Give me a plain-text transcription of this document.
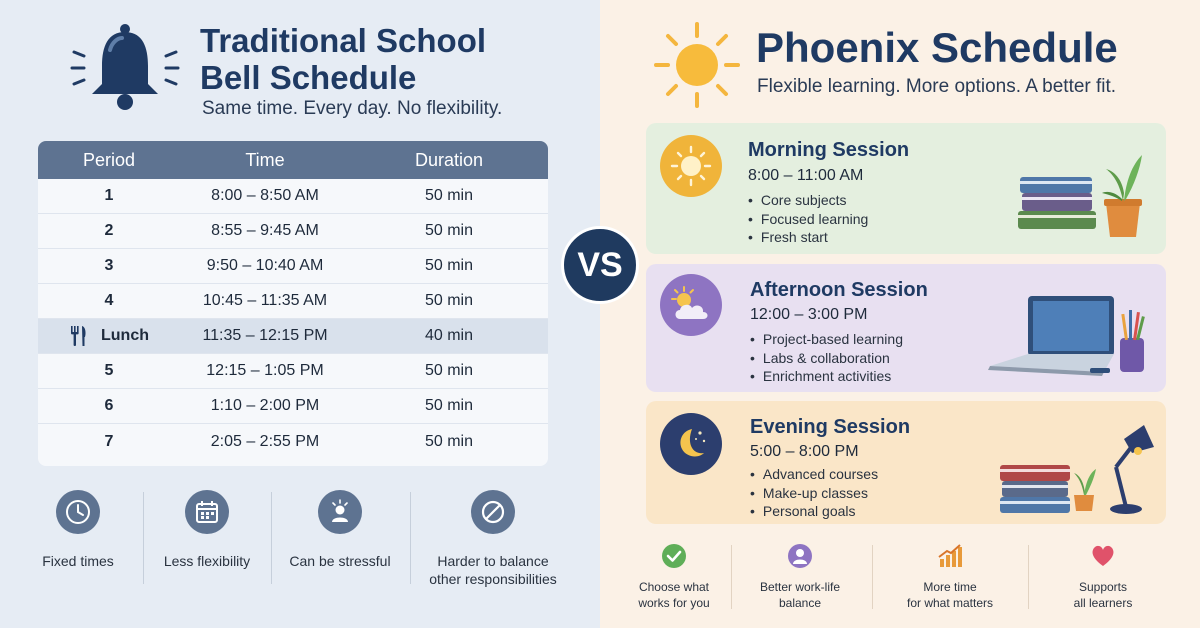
Traditional School
Bell Schedule
Same time. Every day. No flexibility.
Period	Time	Duration
1	8:00 – 8:50 AM	50 min
2	8:55 – 9:45 AM	50 min
3	9:50 – 10:40 AM	50 min
4	10:45 – 11:35 AM	50 min
Lunch	11:35 – 12:15 PM	40 min
5	12:15 – 1:05 PM	50 min
6	1:10 – 2:00 PM	50 min
7	2:05 – 2:55 PM	50 min
Fixed times	Less flexibility	Can be stressful	Harder to balance
other responsibilities
Phoenix Schedule
Flexible learning. More options. A better fit.
Morning Session
8:00 – 11:00 AM
• Core subjects
• Focused learning
• Fresh start
Afternoon Session
12:00 – 3:00 PM
• Project-based learning
• Labs & collaboration
• Enrichment activities
Evening Session
5:00 – 8:00 PM
• Advanced courses
• Make-up classes
• Personal goals
Choose what
works for you
Better work-life
balance
More time
for what matters
Supports
all learners
VS
